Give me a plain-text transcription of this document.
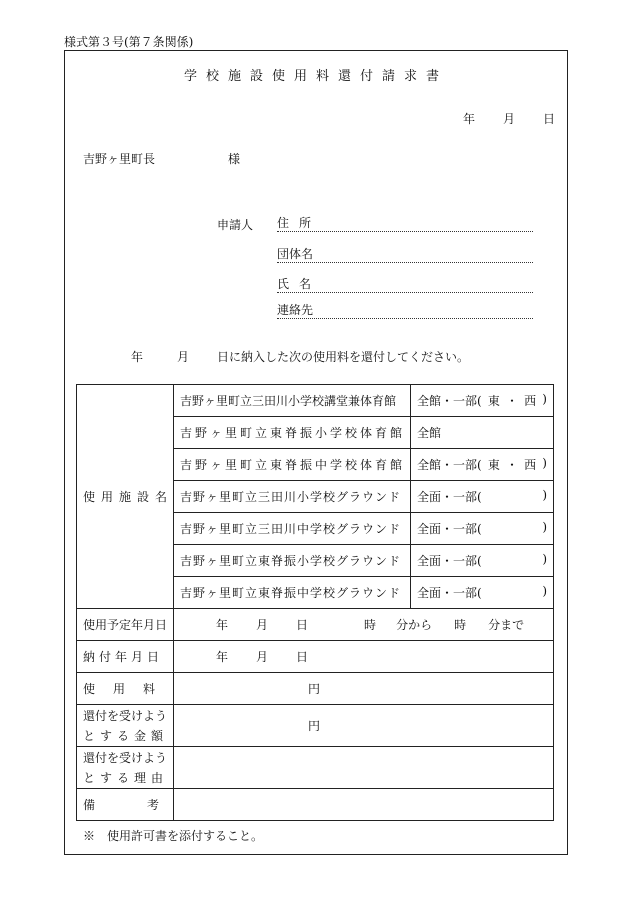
様式第３号(第７条関係)
学校施設使用料還付請求書
年 月 日
吉野ヶ里町長	様
申請人 住所
団体名
氏名
連絡先
年	月 日に納入した次の使用料を還付してください。
使用施設名	吉野ヶ里町立三田川小学校講堂兼体育館	全館・一部( 東 ・ 西 )

	吉野ヶ里町立東脊振小学校体育館	全館
	吉野ヶ里町立東脊振中学校体育館	全館・一部( 東 ・ 西 )

	吉野ヶ里町立三田川小学校グラウンド	全面・一部( )

	吉野ヶ里町立三田川中学校グラウンド	全面・一部( )

	吉野ヶ里町立東脊振小学校グラウンド	全面・一部( )

	吉野ヶ里町立東脊振中学校グラウンド	全面・一部( )

使用予定年月日	年 月 日 時 分から 時 分まで	

納付年月日	年 月 日	
使用料	円	

還付を受けよう
とする金額	円	

還付を受けよう
とする理由		

備考		
※　使用許可書を添付すること。
